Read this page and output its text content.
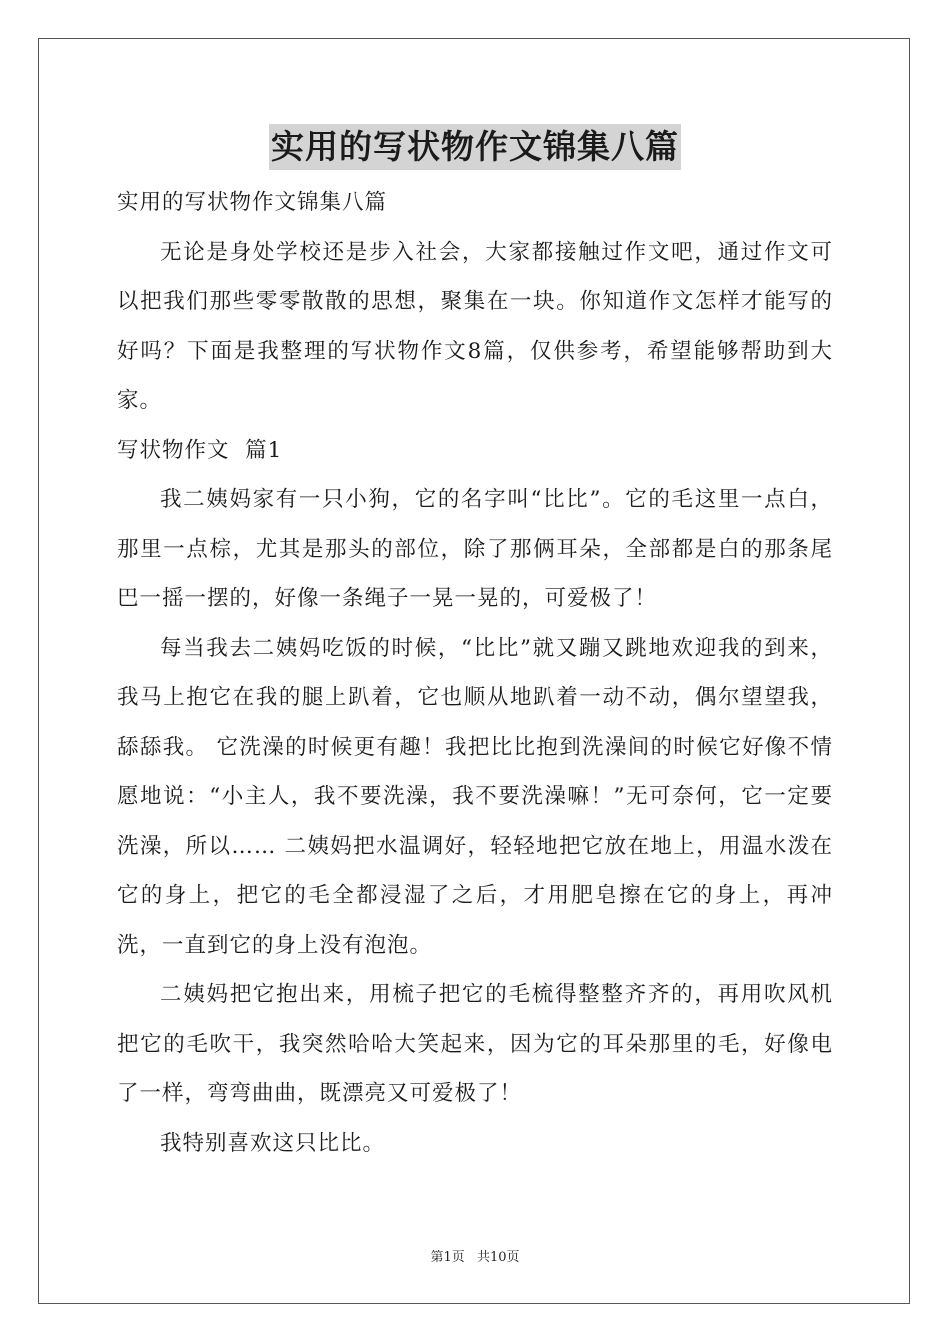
实用的写状物作文锦集八篇

实用的写状物作文锦集八篇

无论是身处学校还是步入社会，大家都接触过作文吧，通过作文可以把我们那些零零散散的思想，聚集在一块。你知道作文怎样才能写的好吗？下面是我整理的写状物作文8篇，仅供参考，希望能够帮助到大家。

写状物作文  篇1

我二姨妈家有一只小狗，它的名字叫“比比”。它的毛这里一点白，那里一点棕，尤其是那头的部位，除了那俩耳朵，全部都是白的那条尾巴一摇一摆的，好像一条绳子一晃一晃的，可爱极了！

每当我去二姨妈吃饭的时候，“比比”就又蹦又跳地欢迎我的到来，我马上抱它在我的腿上趴着，它也顺从地趴着一动不动，偶尔望望我，舔舔我。 它洗澡的时候更有趣！我把比比抱到洗澡间的时候它好像不情愿地说：“小主人，我不要洗澡，我不要洗澡嘛！”无可奈何，它一定要洗澡，所以…… 二姨妈把水温调好，轻轻地把它放在地上，用温水泼在它的身上，把它的毛全都浸湿了之后，才用肥皂擦在它的身上，再冲洗，一直到它的身上没有泡泡。

二姨妈把它抱出来，用梳子把它的毛梳得整整齐齐的，再用吹风机把它的毛吹干，我突然哈哈大笑起来，因为它的耳朵那里的毛，好像电了一样，弯弯曲曲，既漂亮又可爱极了！

我特别喜欢这只比比。

第1页 共10页
